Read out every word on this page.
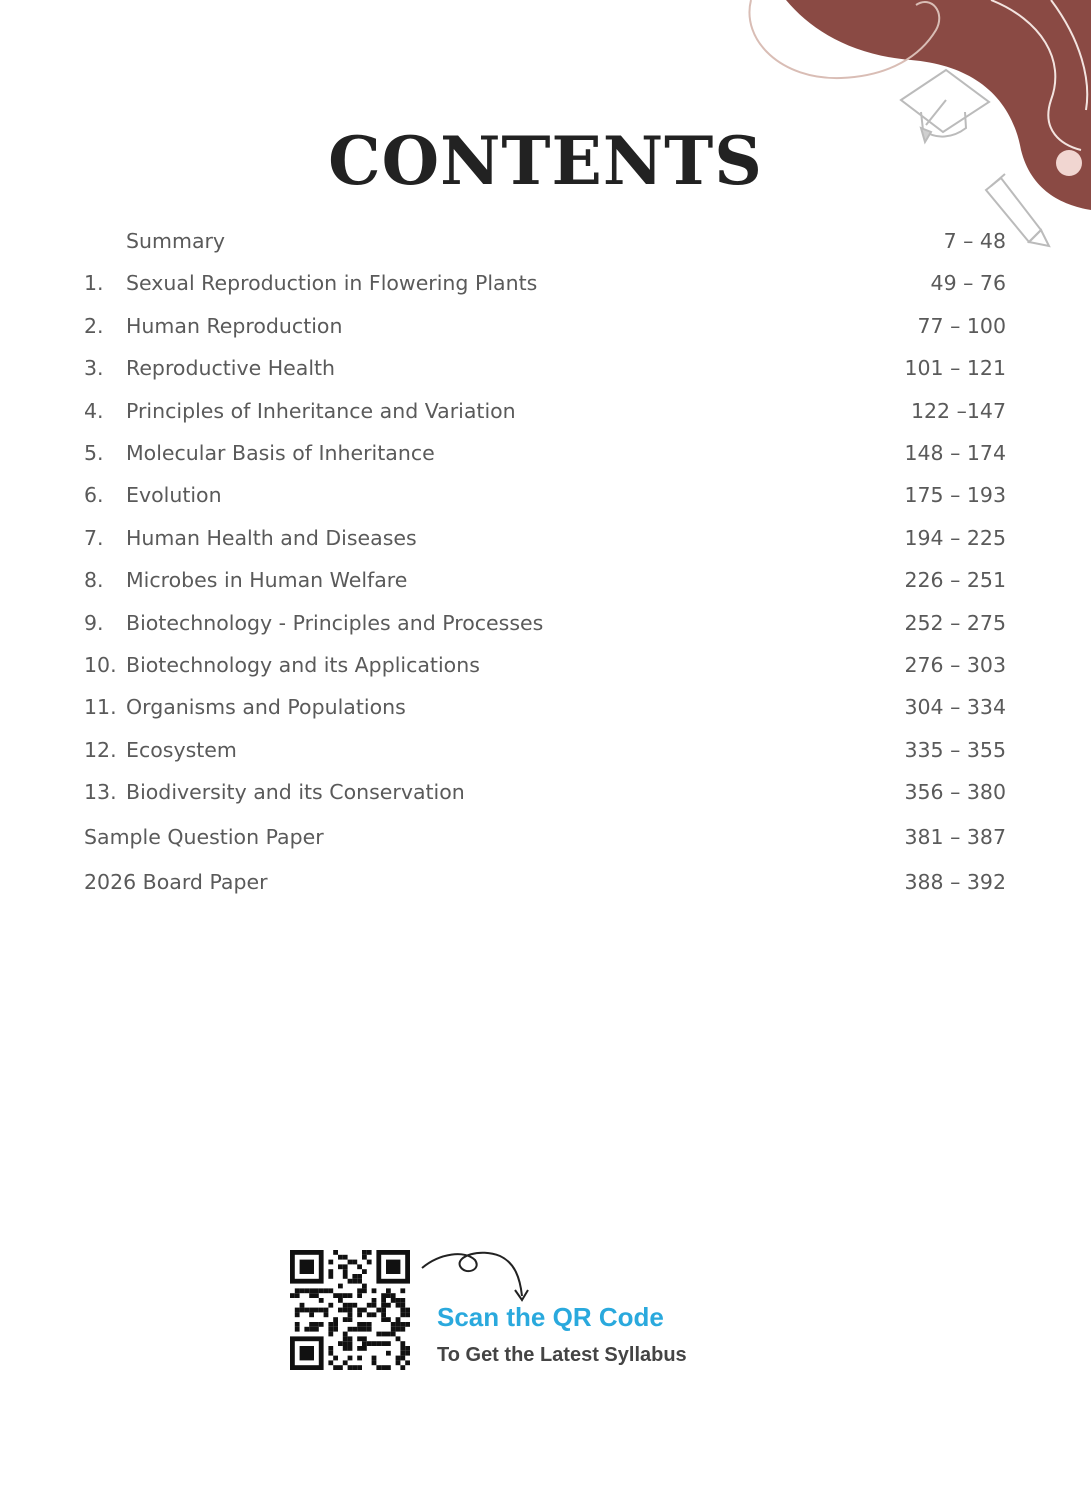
CONTENTS
Summary	7 – 48
1. Sexual Reproduction in Flowering Plants	49 – 76
2. Human Reproduction	77 – 100
3. Reproductive Health	101 – 121
4. Principles of Inheritance and Variation	122 –147
5. Molecular Basis of Inheritance	148 – 174
6. Evolution	175 – 193
7. Human Health and Diseases	194 – 225
8. Microbes in Human Welfare	226 – 251
9. Biotechnology - Principles and Processes	252 – 275
10. Biotechnology and its Applications	276 – 303
11. Organisms and Populations	304 – 334
12. Ecosystem	335 – 355
13. Biodiversity and its Conservation	356 – 380
Sample Question Paper	381 – 387
2026 Board Paper	388 – 392
Scan the QR Code
To Get the Latest Syllabus
